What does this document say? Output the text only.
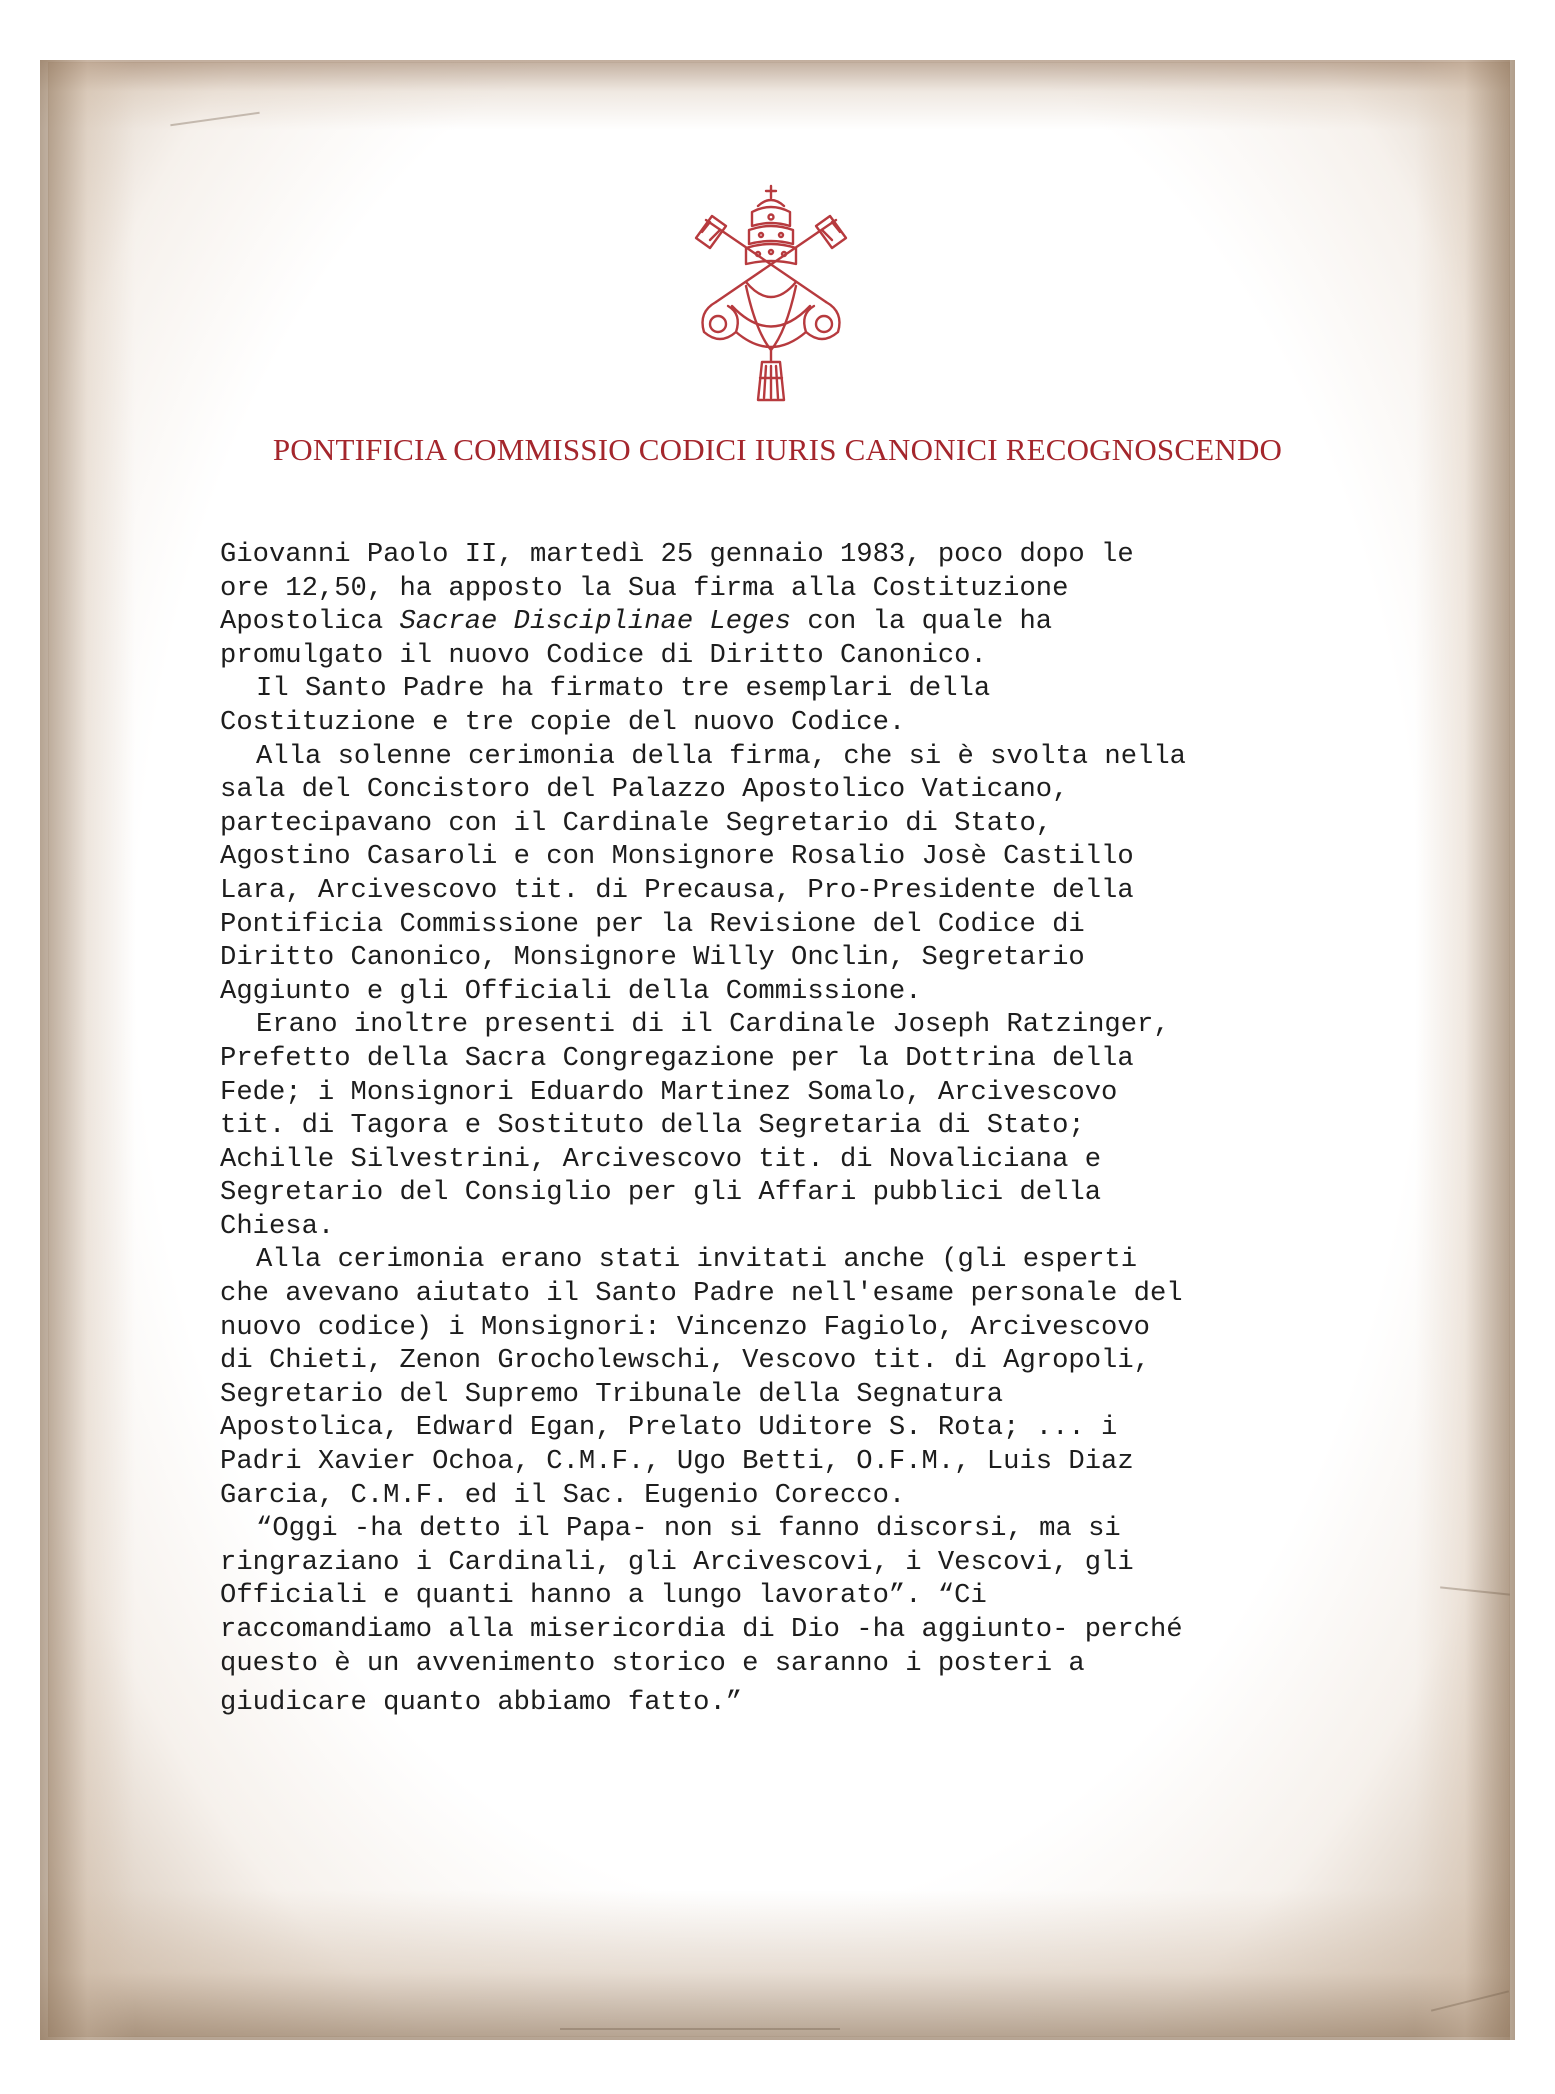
PONTIFICIA COMMISSIO CODICI IURIS CANONICI RECOGNOSCENDO

Giovanni Paolo II, martedì 25 gennaio 1983, poco dopo le
ore 12,50, ha apposto la Sua firma alla Costituzione
Apostolica Sacrae Disciplinae Leges con la quale ha
promulgato il nuovo Codice di Diritto Canonico.

Il Santo Padre ha firmato tre esemplari della
Costituzione e tre copie del nuovo Codice.

Alla solenne cerimonia della firma, che si è svolta nella
sala del Concistoro del Palazzo Apostolico Vaticano,
partecipavano con il Cardinale Segretario di Stato,
Agostino Casaroli e con Monsignore Rosalio Josè Castillo
Lara, Arcivescovo tit. di Precausa, Pro-Presidente della
Pontificia Commissione per la Revisione del Codice di
Diritto Canonico, Monsignore Willy Onclin, Segretario
Aggiunto e gli Officiali della Commissione.

Erano inoltre presenti di il Cardinale Joseph Ratzinger,
Prefetto della Sacra Congregazione per la Dottrina della
Fede; i Monsignori Eduardo Martinez Somalo, Arcivescovo
tit. di Tagora e Sostituto della Segretaria di Stato;
Achille Silvestrini, Arcivescovo tit. di Novaliciana e
Segretario del Consiglio per gli Affari pubblici della
Chiesa.

Alla cerimonia erano stati invitati anche (gli esperti
che avevano aiutato il Santo Padre nell'esame personale del
nuovo codice) i Monsignori: Vincenzo Fagiolo, Arcivescovo
di Chieti, Zenon Grocholewschi, Vescovo tit. di Agropoli,
Segretario del Supremo Tribunale della Segnatura
Apostolica, Edward Egan, Prelato Uditore S. Rota; ... i
Padri Xavier Ochoa, C.M.F., Ugo Betti, O.F.M., Luis Diaz
Garcia, C.M.F. ed il Sac. Eugenio Corecco.

“Oggi -ha detto il Papa- non si fanno discorsi, ma si
ringraziano i Cardinali, gli Arcivescovi, i Vescovi, gli
Officiali e quanti hanno a lungo lavorato”. “Ci
raccomandiamo alla misericordia di Dio -ha aggiunto- perché
questo è un avvenimento storico e saranno i posteri a

giudicare quanto abbiamo fatto.”
